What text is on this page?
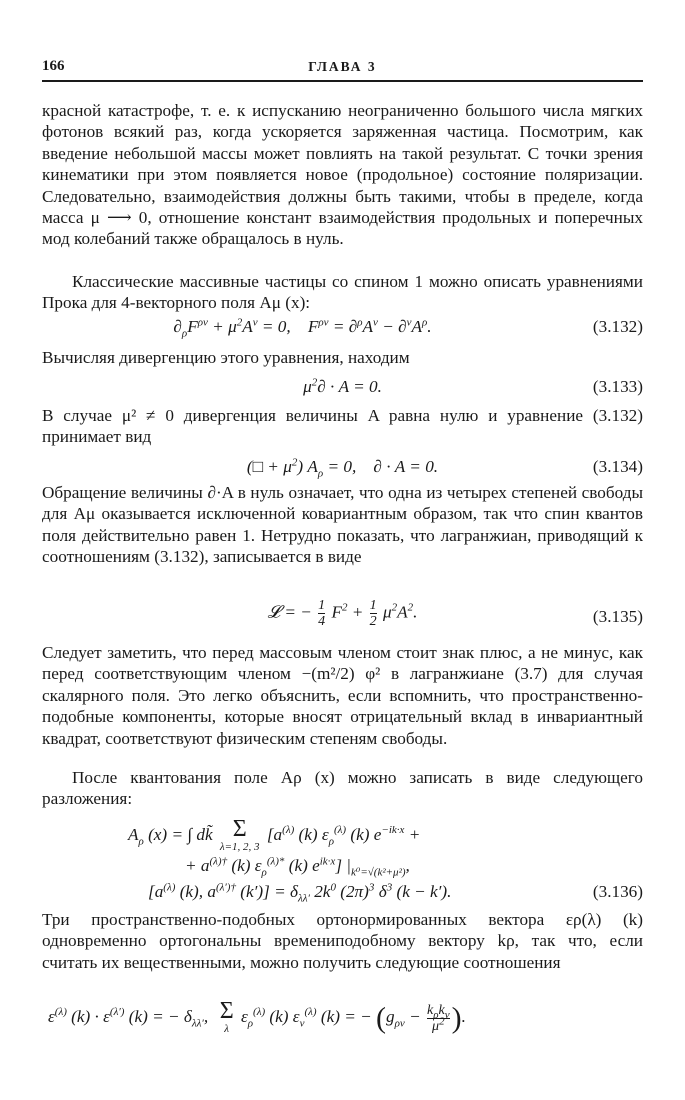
166	ГЛАВА 3

красной катастрофе, т. е. к испусканию неограниченно большого числа мягких фотонов всякий раз, когда ускоряется заряженная частица. Посмотрим, как введение небольшой массы может повлиять на такой результат. С точки зрения кинематики при этом появляется новое (продольное) состояние поляризации. Следовательно, взаимодействия должны быть такими, чтобы в пределе, когда масса μ ⟶ 0, отношение констант взаимодействия продольных и поперечных мод колебаний также обращалось в нуль.

Классические массивные частицы со спином 1 можно описать уравнениями Прока для 4-векторного поля Aμ (x):

$\partial_\rho F^{\rho\nu} + \mu^2A^\nu = 0$,    $F^{\rho\nu} = \partial^\rho A^\nu - \partial^\nu A^\rho$.	(3.132)

Вычисляя дивергенцию этого уравнения, находим

$\mu^2\partial \cdot A = 0$.	(3.133)

В случае μ² ≠ 0 дивергенция величины A равна нулю и уравнение (3.132) принимает вид

(□ + $\mu^2$) $A_\rho = 0$,    ∂ · A = 0.	(3.134)

Обращение величины ∂·A в нуль означает, что одна из четырех степеней свободы для Aμ оказывается исключенной ковариантным образом, так что спин квантов поля действительно равен 1. Нетрудно показать, что лагранжиан, приводящий к соотношениям (3.132), записывается в виде

𝓛 = − $\frac{1}{4} F^2 + \frac{1}{2} \mu^2A^2$.	(3.135)

Следует заметить, что перед массовым членом стоит знак плюс, а не минус, как перед соответствующим членом −(m²/2) φ² в лагранжиане (3.7) для случая скалярного поля. Это легко объяснить, если вспомнить, что пространственно-подобные компоненты, которые вносят отрицательный вклад в инвариантный квадрат, соответствуют физическим степеням свободы.

После квантования поле Aρ (x) можно записать в виде следующего разложения:

$A_\rho$ (x) = ∫ dk̃ Σ
λ=1, 2, 3
[$a^{(\lambda)}$ (k) $\varepsilon_\rho^{(\lambda)}$ (k) $e^{-ik\cdot x}$ +
+ $a^{(\lambda)\dagger}$ (k) $\varepsilon_\rho^{(\lambda)*}$ (k) $e^{ik\cdot x}$] $|_{k^0=√(k^2+\mu^2)}$,
[$a^{(\lambda)}$ (k), $a^{(\lambda')\dagger}$ $(k')] = \delta_{\lambda\lambda'}$ $2k^0$ $(2\pi)^3$ $\delta^3$ (k − k′).	(3.136)

Три пространственно-подобных ортонормированных вектора ερ(λ) (k) одновременно ортогональны времениподобному вектору kρ, так что, если считать их вещественными, можно получить следующие соотношения

$\varepsilon^{(\lambda)}$ $(k) \cdot \varepsilon^{(\lambda')}$ (k) = − $\delta_{\lambda\lambda'}$, Σ
λ
$\varepsilon_\rho^{(\lambda)}$ (k) $\varepsilon_\nu^{(\lambda)}$ (k) = − ($g_{\rho\nu} - \frac{k_\rho k_\nu}{\mu^2}$ ).
